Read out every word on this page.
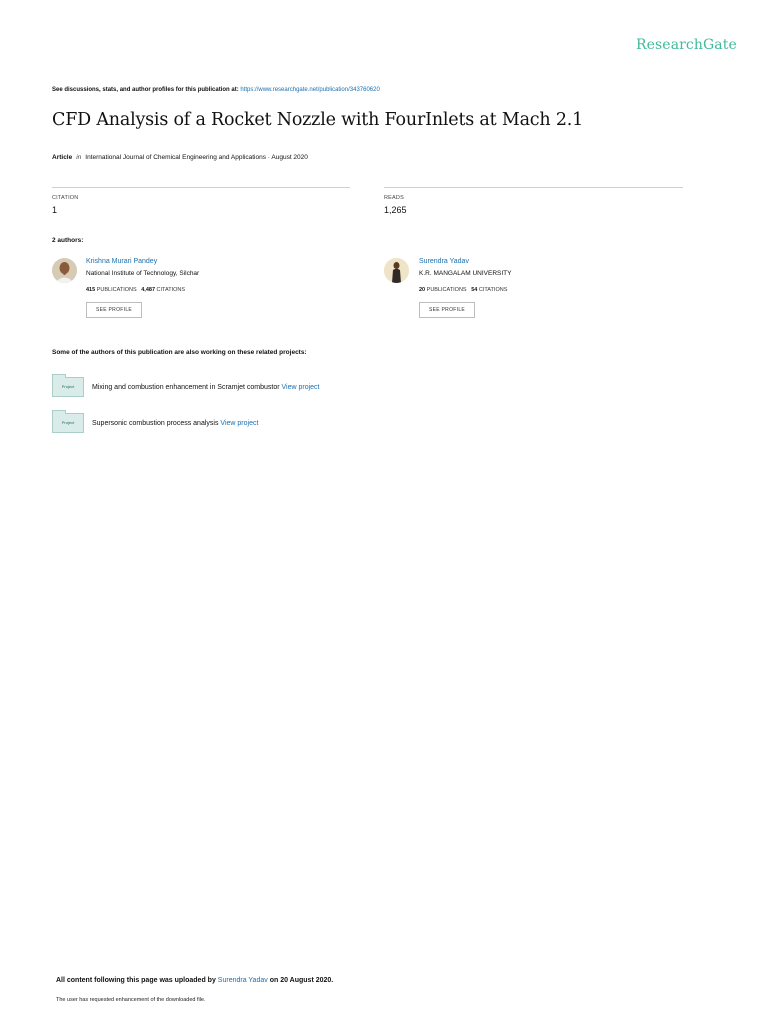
ResearchGate
See discussions, stats, and author profiles for this publication at: https://www.researchgate.net/publication/343760620
CFD Analysis of a Rocket Nozzle with FourInlets at Mach 2.1
Article in International Journal of Chemical Engineering and Applications · August 2020
CITATION
1
READS
1,265
2 authors:
Krishna Murari Pandey
National Institute of Technology, Silchar
415 PUBLICATIONS 4,487 CITATIONS
SEE PROFILE
Surendra Yadav
K.R. MANGALAM UNIVERSITY
20 PUBLICATIONS 54 CITATIONS
SEE PROFILE
Some of the authors of this publication are also working on these related projects:
Project	Mixing and combustion enhancement in Scramjet combustor View project
Project	Supersonic combustion process analysis View project
All content following this page was uploaded by Surendra Yadav on 20 August 2020.
The user has requested enhancement of the downloaded file.
